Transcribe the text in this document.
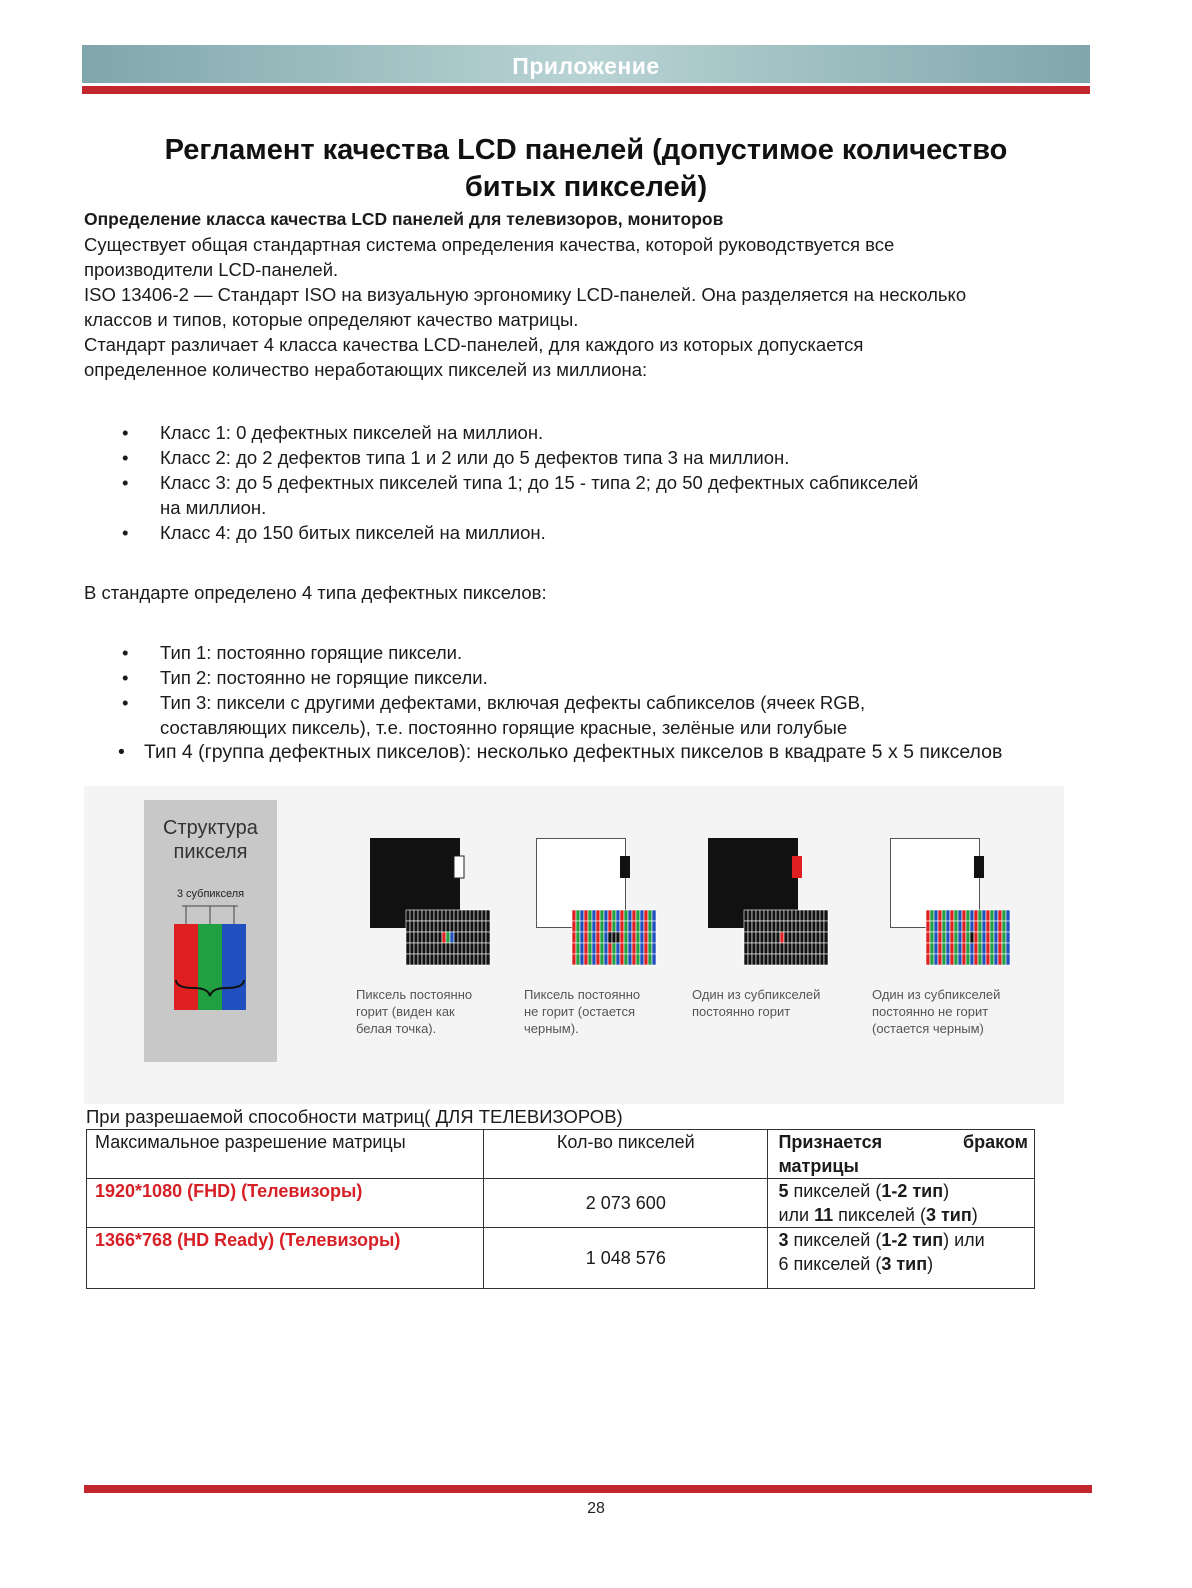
Приложение
Регламент качества LCD панелей (допустимое количество
битых пикселей)

Определение класса качества LCD панелей для телевизоров, мониторов

Существует общая стандартная система определения качества, которой руководствуется все

производители LCD-панелей.

ISO 13406-2 — Стандарт ISO на визуальную эргономику LCD-панелей. Она разделяется на несколько

классов и типов, которые определяют качество матрицы.

Стандарт различает 4 класса качества LCD-панелей, для каждого из которых допускается

определенное количество неработающих пикселей из миллиона:

• Класс 1: 0 дефектных пикселей на миллион.
• Класс 2: до 2 дефектов типа 1 и 2 или до 5 дефектов типа 3 на миллион.
• Класс 3: до 5 дефектных пикселей типа 1; до 15 - типа 2; до 50 дефектных сабпикселей
на миллион.
• Класс 4: до 150 битых пикселей на миллион.

В стандарте определено 4 типа дефектных пикселов:

• Тип 1: постоянно горящие пиксели.
• Тип 2: постоянно не горящие пиксели.
• Тип 3: пиксели с другими дефектами, включая дефекты сабпикселов (ячеек RGB,
составляющих пиксель), т.е. постоянно горящие красные, зелёные или голубые
• Тип 4 (группа дефектных пикселов): несколько дефектных пикселов в квадрате 5 х 5 пикселов
Структура
пикселя
3 субпикселя
Пиксель постоянно
горит (виден как
белая точка).
Пиксель постоянно
не горит (остается
черным).
Один из субпикселей
постоянно горит
Один из субпикселей
постоянно не горит
(остается черным)
При разрешаемой способности матриц( ДЛЯ ТЕЛЕВИЗОРОВ)
Максимальное разрешение матрицы	Кол-во пикселей	Признается браком
матрицы

1920*1080 (FHD) (Телевизоры)	2 073 600	5 пикселей (1-2 тип)
или 11 пикселей (3 тип)

1366*768 (HD Ready) (Телевизоры)	1 048 576	3 пикселей (1-2 тип) или
6 пикселей (3 тип)
28
